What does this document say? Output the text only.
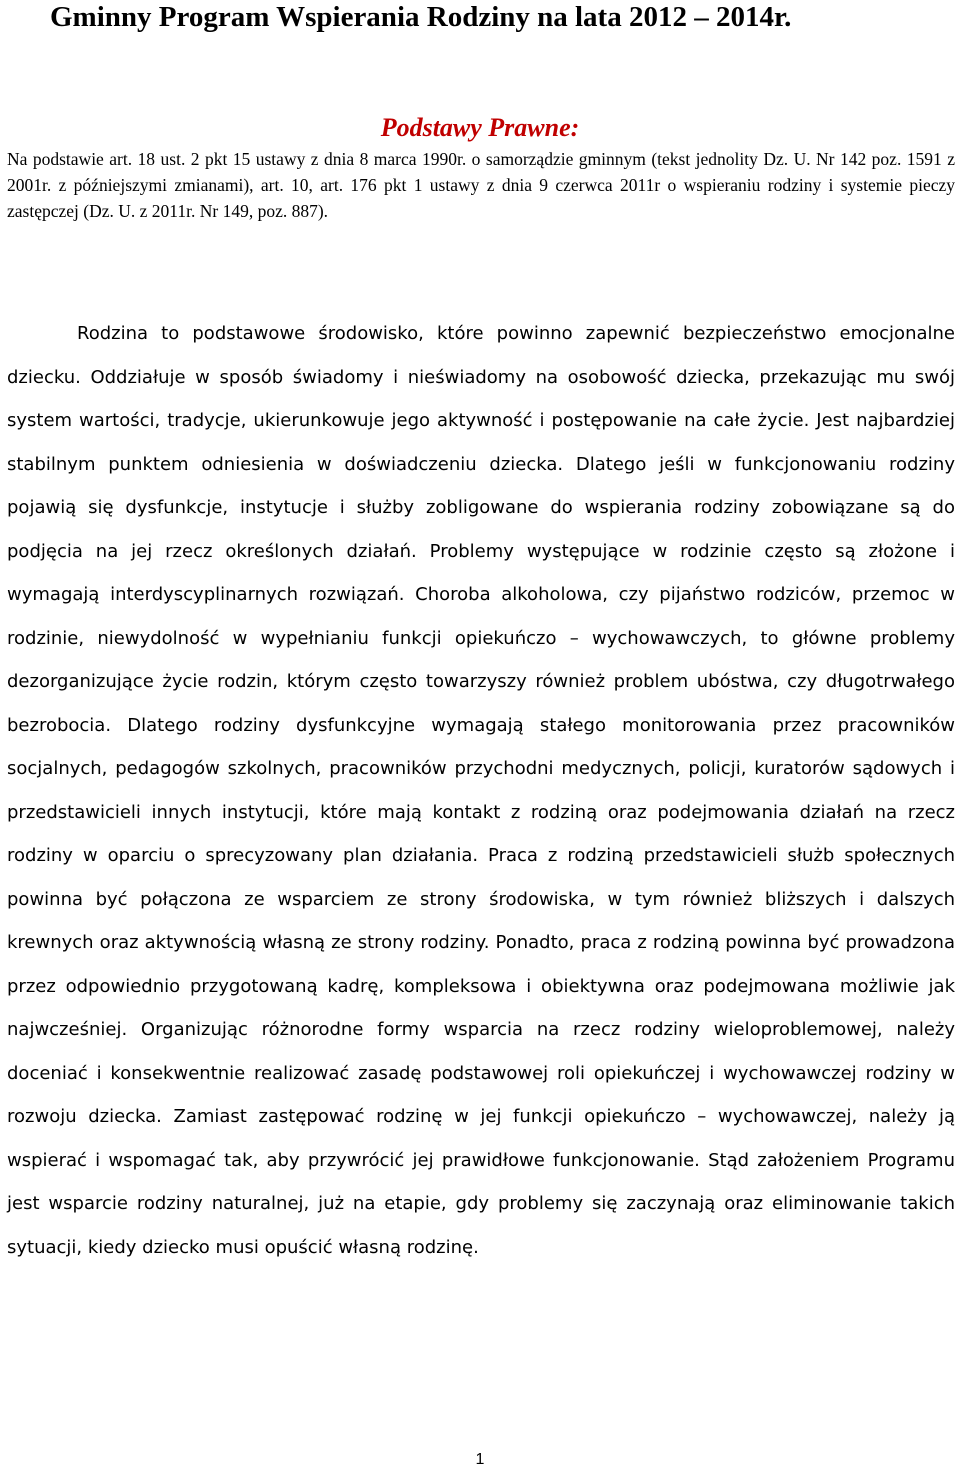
Gminny Program Wspierania Rodziny na lata 2012 – 2014r.
Podstawy Prawne:

Na podstawie art. 18 ust. 2 pkt 15 ustawy z dnia 8 marca 1990r. o samorządzie gminnym (tekst jednolity Dz. U. Nr 142 poz. 1591 z 2001r. z późniejszymi zmianami), art. 10, art. 176 pkt 1 ustawy z dnia 9 czerwca 2011r o wspieraniu rodziny i systemie pieczy zastępczej (Dz. U. z 2011r. Nr 149, poz. 887).

Rodzina to podstawowe środowisko, które powinno zapewnić bezpieczeństwo emocjonalne dziecku. Oddziałuje w sposób świadomy i nieświadomy na osobowość dziecka, przekazując mu swój system wartości, tradycje, ukierunkowuje jego aktywność i postępowanie na całe życie. Jest najbardziej stabilnym punktem odniesienia w doświadczeniu dziecka. Dlatego jeśli w funkcjonowaniu rodziny pojawią się dysfunkcje, instytucje i służby zobligowane do wspierania rodziny zobowiązane są do podjęcia na jej rzecz określonych działań. Problemy występujące w rodzinie często są złożone i wymagają interdyscyplinarnych rozwiązań. Choroba alkoholowa, czy pijaństwo rodziców, przemoc w rodzinie, niewydolność w wypełnianiu funkcji opiekuńczo – wychowawczych, to główne problemy dezorganizujące życie rodzin, którym często towarzyszy również problem ubóstwa, czy długotrwałego bezrobocia. Dlatego rodziny dysfunkcyjne wymagają stałego monitorowania przez pracowników socjalnych, pedagogów szkolnych, pracowników przychodni medycznych, policji, kuratorów sądowych i przedstawicieli innych instytucji, które mają kontakt z rodziną oraz podejmowania działań na rzecz rodziny w oparciu o sprecyzowany plan działania. Praca z rodziną przedstawicieli służb społecznych powinna być połączona ze wsparciem ze strony środowiska, w tym również bliższych i dalszych krewnych oraz aktywnością własną ze strony rodziny. Ponadto, praca z rodziną powinna być prowadzona przez odpowiednio przygotowaną kadrę, kompleksowa i obiektywna oraz podejmowana możliwie jak najwcześniej. Organizując różnorodne formy wsparcia na rzecz rodziny wieloproblemowej, należy doceniać i konsekwentnie realizować zasadę podstawowej roli opiekuńczej i wychowawczej rodziny w rozwoju dziecka. Zamiast zastępować rodzinę w jej funkcji opiekuńczo – wychowawczej, należy ją wspierać i wspomagać tak, aby przywrócić jej prawidłowe funkcjonowanie. Stąd założeniem Programu jest wsparcie rodziny naturalnej, już na etapie, gdy problemy się zaczynają oraz eliminowanie takich sytuacji, kiedy dziecko musi opuścić własną rodzinę.

1
